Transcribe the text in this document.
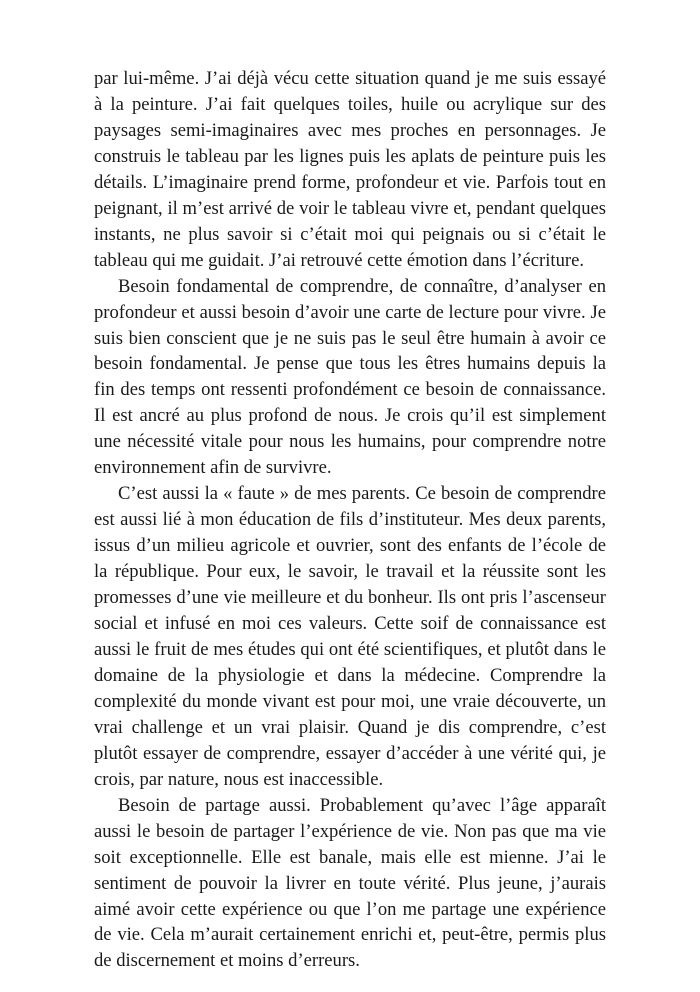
par lui-même. J’ai déjà vécu cette situation quand je me suis essayé à la peinture. J’ai fait quelques toiles, huile ou acrylique sur des paysages semi-imaginaires avec mes proches en personnages. Je construis le tableau par les lignes puis les aplats de peinture puis les détails. L’imaginaire prend forme, profondeur et vie. Parfois tout en peignant, il m’est arrivé de voir le tableau vivre et, pendant quelques instants, ne plus savoir si c’était moi qui peignais ou si c’était le tableau qui me guidait. J’ai retrouvé cette émotion dans l’écriture.

Besoin fondamental de comprendre, de connaître, d’analyser en profondeur et aussi besoin d’avoir une carte de lecture pour vivre. Je suis bien conscient que je ne suis pas le seul être humain à avoir ce besoin fondamental. Je pense que tous les êtres humains depuis la fin des temps ont ressenti profondément ce besoin de connaissance. Il est ancré au plus profond de nous. Je crois qu’il est simplement une nécessité vitale pour nous les humains, pour comprendre notre environnement afin de survivre.

C’est aussi la « faute » de mes parents. Ce besoin de comprendre est aussi lié à mon éducation de fils d’instituteur. Mes deux parents, issus d’un milieu agricole et ouvrier, sont des enfants de l’école de la république. Pour eux, le savoir, le travail et la réussite sont les promesses d’une vie meilleure et du bonheur. Ils ont pris l’ascenseur social et infusé en moi ces valeurs. Cette soif de connaissance est aussi le fruit de mes études qui ont été scientifiques, et plutôt dans le domaine de la physiologie et dans la médecine. Comprendre la complexité du monde vivant est pour moi, une vraie découverte, un vrai challenge et un vrai plaisir. Quand je dis comprendre, c’est plutôt essayer de comprendre, essayer d’accéder à une vérité qui, je crois, par nature, nous est inaccessible.

Besoin de partage aussi. Probablement qu’avec l’âge apparaît aussi le besoin de partager l’expérience de vie. Non pas que ma vie soit exceptionnelle. Elle est banale, mais elle est mienne. J’ai le sentiment de pouvoir la livrer en toute vérité. Plus jeune, j’aurais aimé avoir cette expérience ou que l’on me partage une expérience de vie. Cela m’aurait certainement enrichi et, peut-être, permis plus de discernement et moins d’erreurs.
